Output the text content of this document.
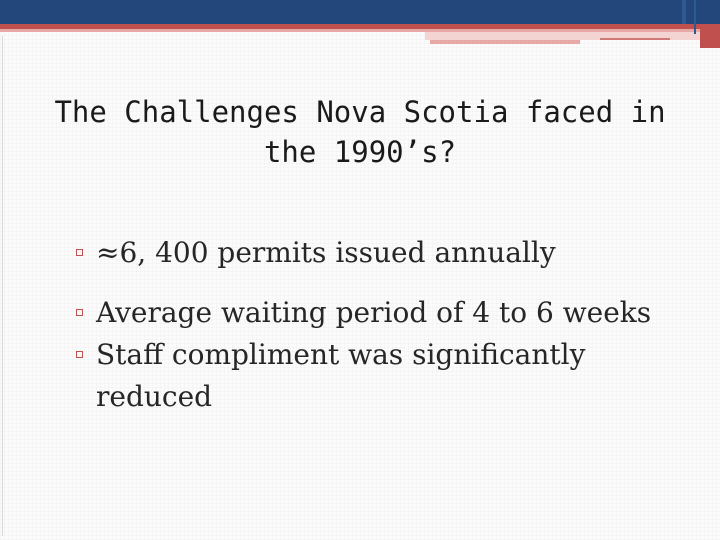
The Challenges Nova Scotia faced in
the 1990’s?
≈6, 400 permits issued annually
Average waiting period of 4 to 6 weeks
Staff compliment was significantly reduced
